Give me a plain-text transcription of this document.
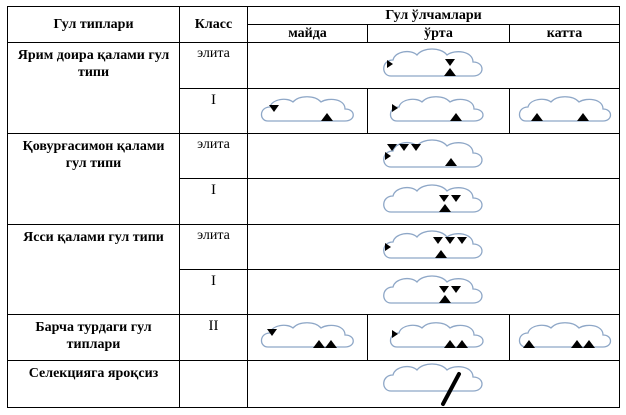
Гул типлари	Класс	Гул ўлчамлари		
		майда	ўрта	катта
Ярим доира қалами гул типи	элита	

	I	

Қовурғасимон қалами гул типи	элита	

	I	

Ясси қалами гул типи	элита	

	I	

Барча турдаги гул типлари	II	

Селекцияга яроқсиз		
